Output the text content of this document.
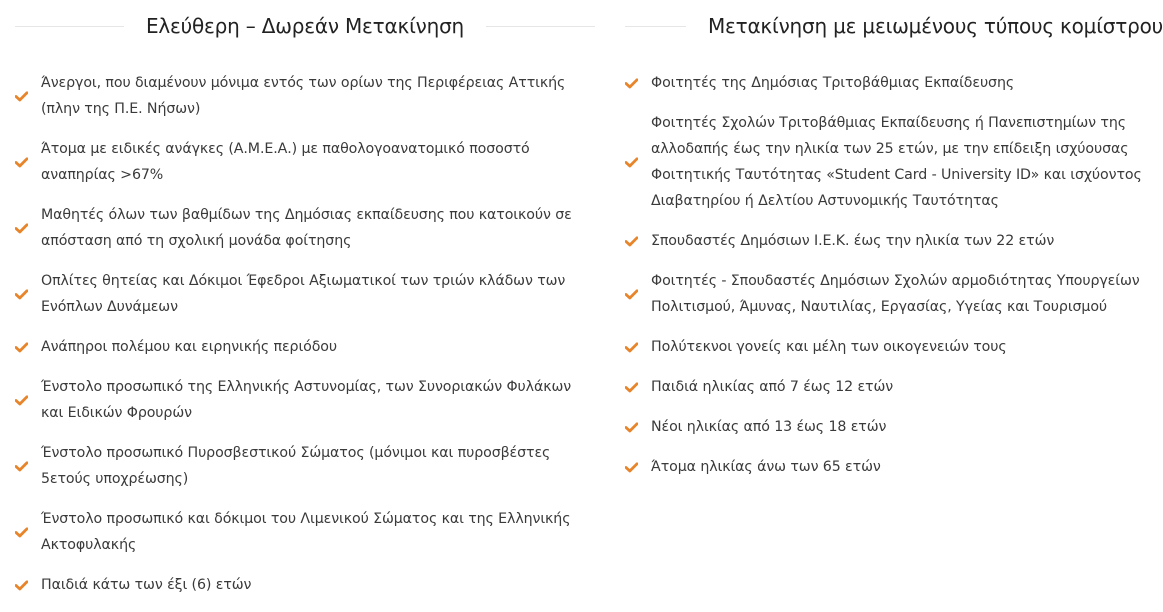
Ελεύθερη – Δωρεάν Μετακίνηση
Άνεργοι, που διαμένουν μόνιμα εντός των ορίων της Περιφέρειας Αττικής (πλην της Π.Ε. Νήσων)
Άτομα με ειδικές ανάγκες (Α.Μ.Ε.Α.) με παθολογοανατομικό ποσοστό αναπηρίας >67%
Μαθητές όλων των βαθμίδων της Δημόσιας εκπαίδευσης που κατοικούν σε απόσταση από τη σχολική μονάδα φοίτησης
Οπλίτες θητείας και Δόκιμοι Έφεδροι Αξιωματικοί των τριών κλάδων των Ενόπλων Δυνάμεων
Ανάπηροι πολέμου και ειρηνικής περιόδου
Ένστολο προσωπικό της Ελληνικής Αστυνομίας, των Συνοριακών Φυλάκων και Ειδικών Φρουρών
Ένστολο προσωπικό Πυροσβεστικού Σώματος (μόνιμοι και πυροσβέστες 5ετούς υποχρέωσης)
Ένστολο προσωπικό και δόκιμοι του Λιμενικού Σώματος και της Ελληνικής Ακτοφυλακής
Παιδιά κάτω των έξι (6) ετών
Μετακίνηση με μειωμένους τύπους κομίστρου
Φοιτητές της Δημόσιας Τριτοβάθμιας Εκπαίδευσης
Φοιτητές Σχολών Τριτοβάθμιας Εκπαίδευσης ή Πανεπιστημίων της αλλοδαπής έως την ηλικία των 25 ετών, με την επίδειξη ισχύουσας Φοιτητικής Ταυτότητας «Student Card - University ID» και ισχύοντος Διαβατηρίου ή Δελτίου Αστυνομικής Ταυτότητας
Σπουδαστές Δημόσιων Ι.Ε.Κ. έως την ηλικία των 22 ετών
Φοιτητές - Σπουδαστές Δημόσιων Σχολών αρμοδιότητας Υπουργείων Πολιτισμού, Άμυνας, Ναυτιλίας, Εργασίας, Υγείας και Τουρισμού
Πολύτεκνοι γονείς και μέλη των οικογενειών τους
Παιδιά ηλικίας από 7 έως 12 ετών
Νέοι ηλικίας από 13 έως 18 ετών
Άτομα ηλικίας άνω των 65 ετών
